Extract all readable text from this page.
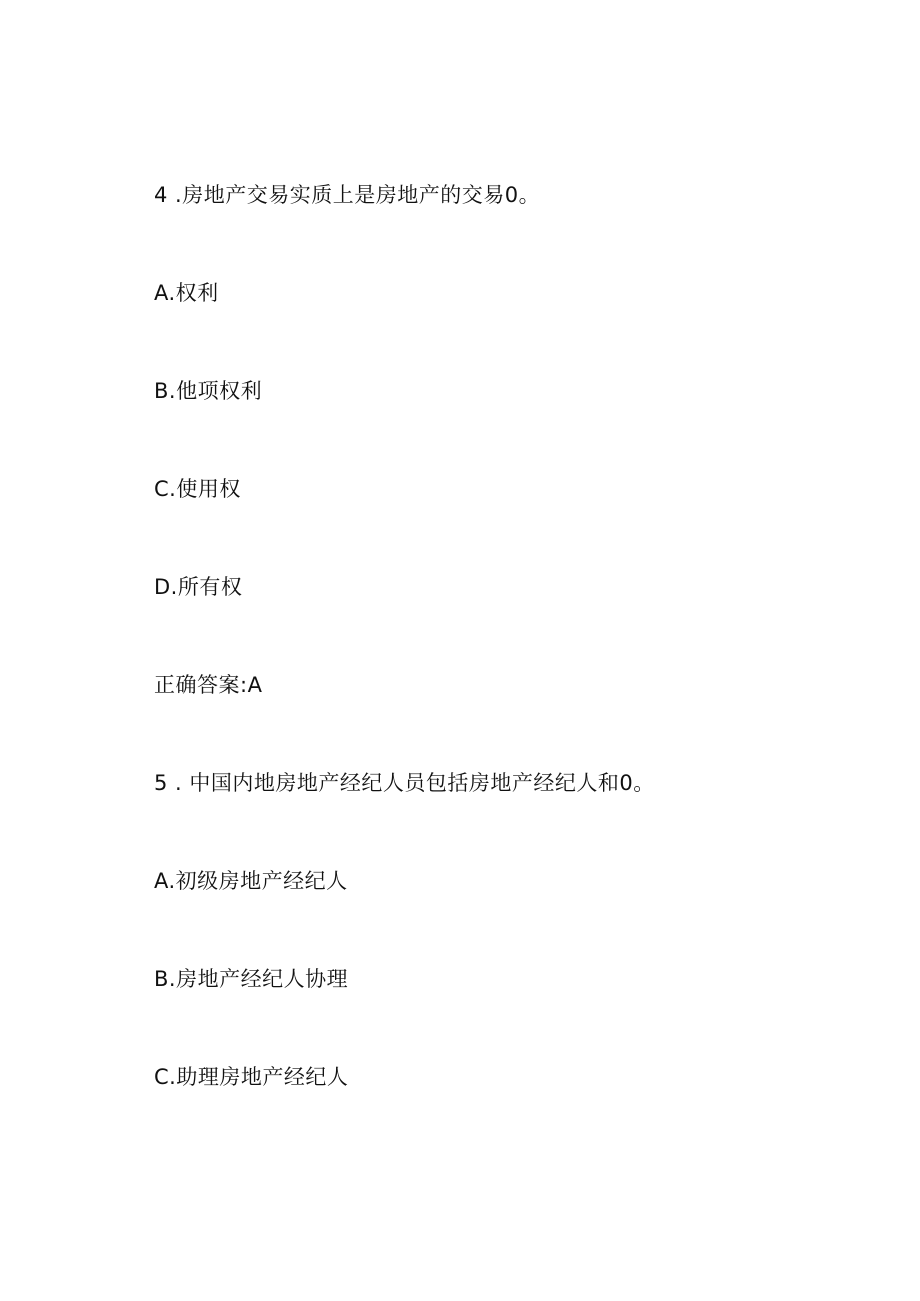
4 .房地产交易实质上是房地产的交易0。
A.权利
B.他项权利
C.使用权
D.所有权
正确答案:A
5 . 中国内地房地产经纪人员包括房地产经纪人和0。
A.初级房地产经纪人
B.房地产经纪人协理
C.助理房地产经纪人
